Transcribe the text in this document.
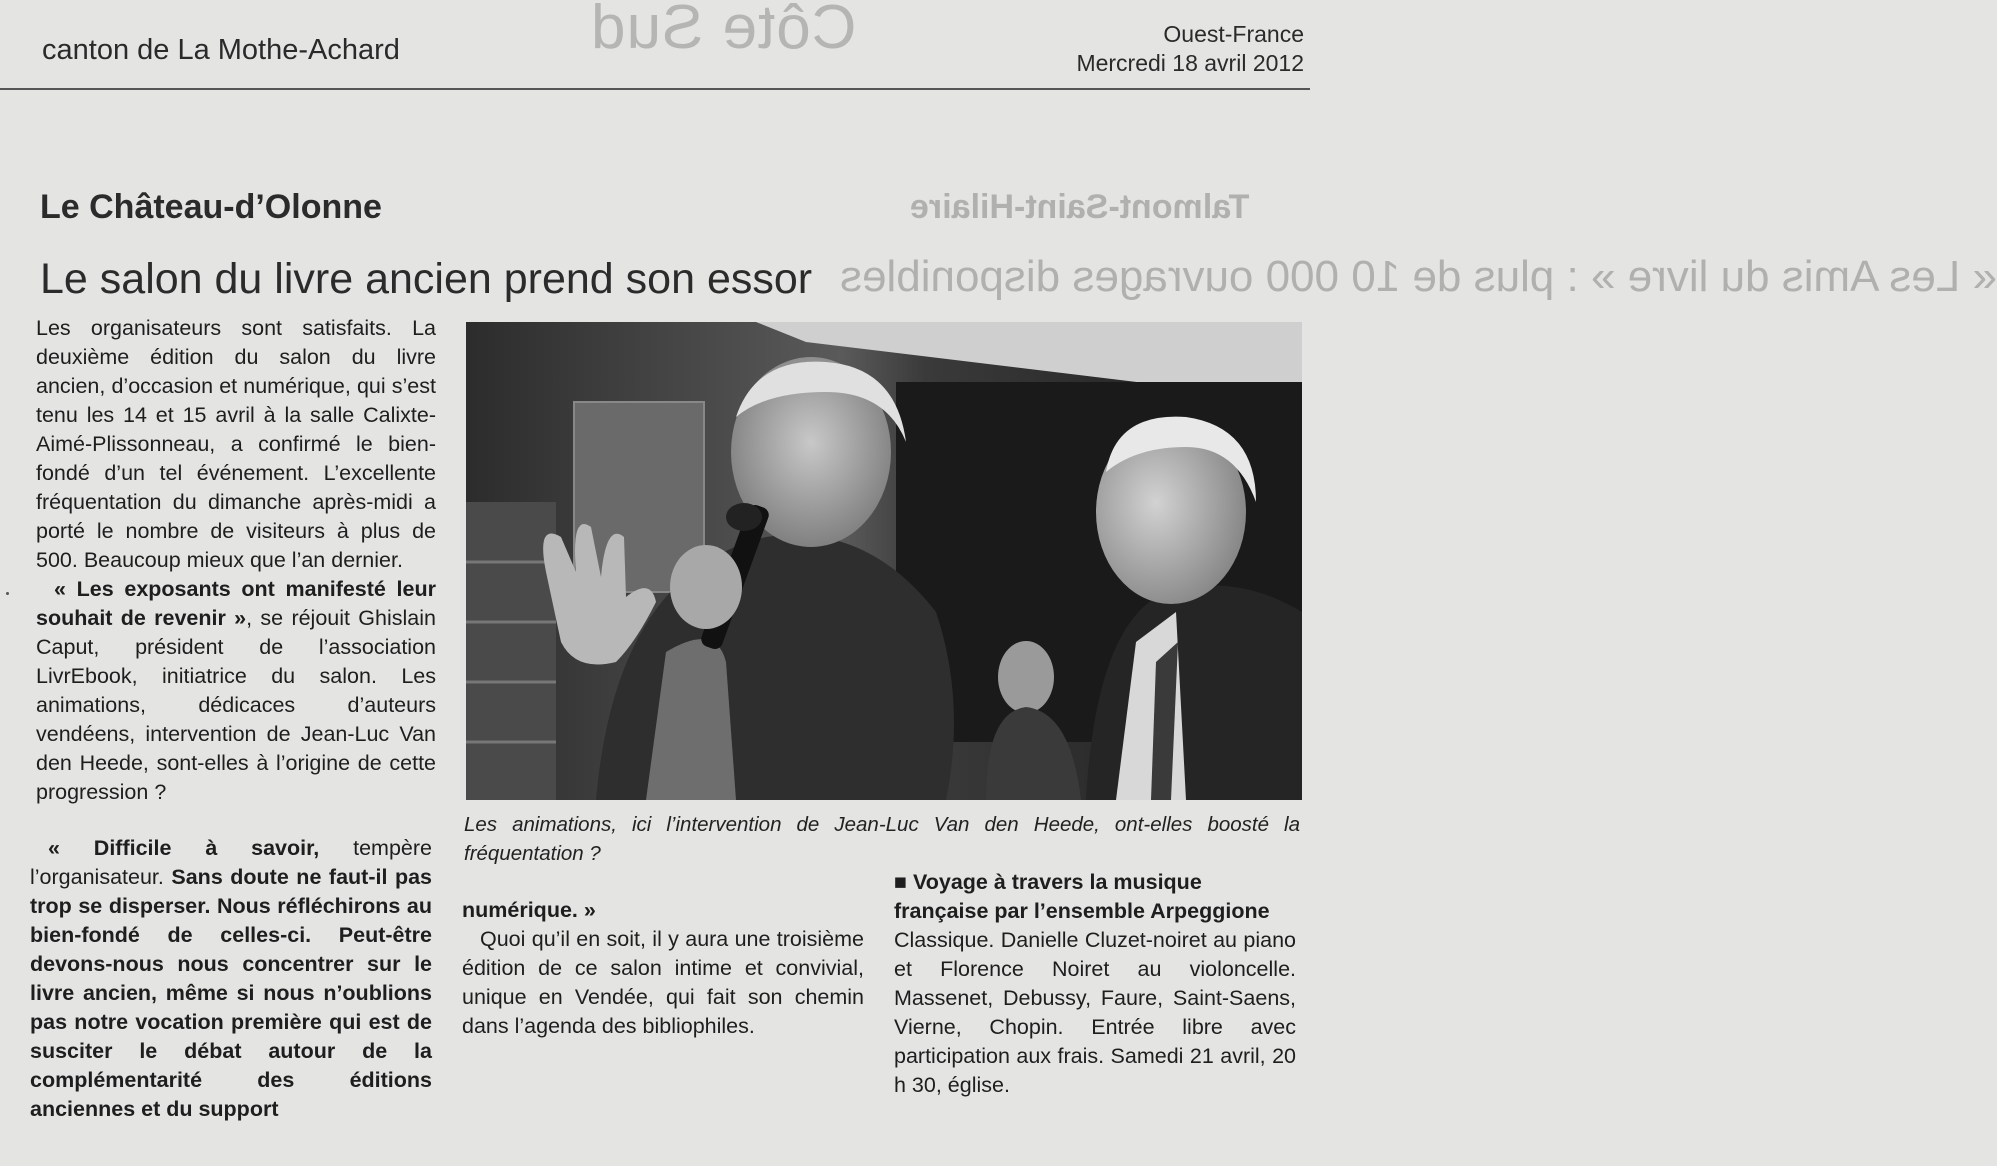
Côte Sud
canton de La Mothe-Achard	Ouest-France
Mercredi 18 avril 2012
Talmont-Saint-Hilaire
« Les Amis du livre » : plus de 10 000 ouvrages disponibles
Le Château-d’Olonne
Le salon du livre ancien prend son essor

Les organisateurs sont satisfaits. La deuxième édition du salon du livre ancien, d’occasion et numérique, qui s’est tenu les 14 et 15 avril à la salle Calixte-Aimé-Plissonneau, a confirmé le bien-fondé d’un tel événement. L’excellente fréquentation du dimanche après-midi a porté le nombre de visiteurs à plus de 500. Beaucoup mieux que l’an dernier.

« Les exposants ont manifesté leur souhait de revenir », se réjouit Ghislain Caput, président de l’association LivrEbook, initiatrice du salon. Les animations, dédicaces d’auteurs vendéens, intervention de Jean-Luc Van den Heede, sont-elles à l’origine de cette progression ?

« Difficile à savoir, tempère l’organisateur. Sans doute ne faut-il pas trop se disperser. Nous réfléchirons au bien-fondé de celles-ci. Peut-être devons-nous nous concentrer sur le livre ancien, même si nous n’oublions pas notre vocation première qui est de susciter le débat autour de la complémentarité des éditions anciennes et du support

Les animations, ici l’intervention de Jean-Luc Van den Heede, ont-elles boosté la fréquentation ?

numérique. »

Quoi qu’il en soit, il y aura une troisième édition de ce salon intime et convivial, unique en Vendée, qui fait son chemin dans l’agenda des bibliophiles.

■ Voyage à travers la musique française par l’ensemble Arpeggione

Classique. Danielle Cluzet-noiret au piano et Florence Noiret au violoncelle. Massenet, Debussy, Faure, Saint-Saens, Vierne, Chopin. Entrée libre avec participation aux frais. Samedi 21 avril, 20 h 30, église.
